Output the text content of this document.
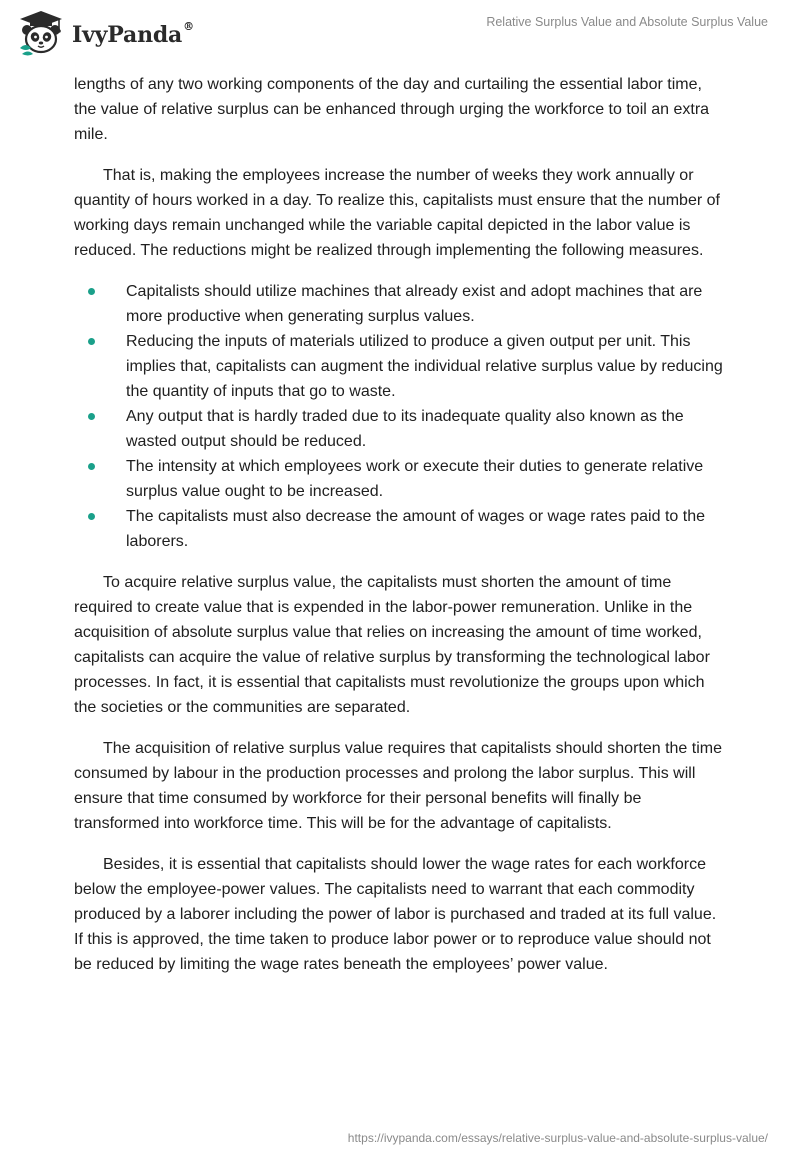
IvyPanda®	Relative Surplus Value and Absolute Surplus Value

lengths of any two working components of the day and curtailing the essential labor time, the value of relative surplus can be enhanced through urging the workforce to toil an extra mile.

That is, making the employees increase the number of weeks they work annually or quantity of hours worked in a day. To realize this, capitalists must ensure that the number of working days remain unchanged while the variable capital depicted in the labor value is reduced. The reductions might be realized through implementing the following measures.

Capitalists should utilize machines that already exist and adopt machines that are more productive when generating surplus values.
Reducing the inputs of materials utilized to produce a given output per unit. This implies that, capitalists can augment the individual relative surplus value by reducing the quantity of inputs that go to waste.
Any output that is hardly traded due to its inadequate quality also known as the wasted output should be reduced.
The intensity at which employees work or execute their duties to generate relative surplus value ought to be increased.
The capitalists must also decrease the amount of wages or wage rates paid to the laborers.

To acquire relative surplus value, the capitalists must shorten the amount of time required to create value that is expended in the labor-power remuneration. Unlike in the acquisition of absolute surplus value that relies on increasing the amount of time worked, capitalists can acquire the value of relative surplus by transforming the technological labor processes. In fact, it is essential that capitalists must revolutionize the groups upon which the societies or the communities are separated.

The acquisition of relative surplus value requires that capitalists should shorten the time consumed by labour in the production processes and prolong the labor surplus. This will ensure that time consumed by workforce for their personal benefits will finally be transformed into workforce time. This will be for the advantage of capitalists.

Besides, it is essential that capitalists should lower the wage rates for each workforce below the employee-power values. The capitalists need to warrant that each commodity produced by a laborer including the power of labor is purchased and traded at its full value. If this is approved, the time taken to produce labor power or to reproduce value should not be reduced by limiting the wage rates beneath the employees’ power value.

https://ivypanda.com/essays/relative-surplus-value-and-absolute-surplus-value/
